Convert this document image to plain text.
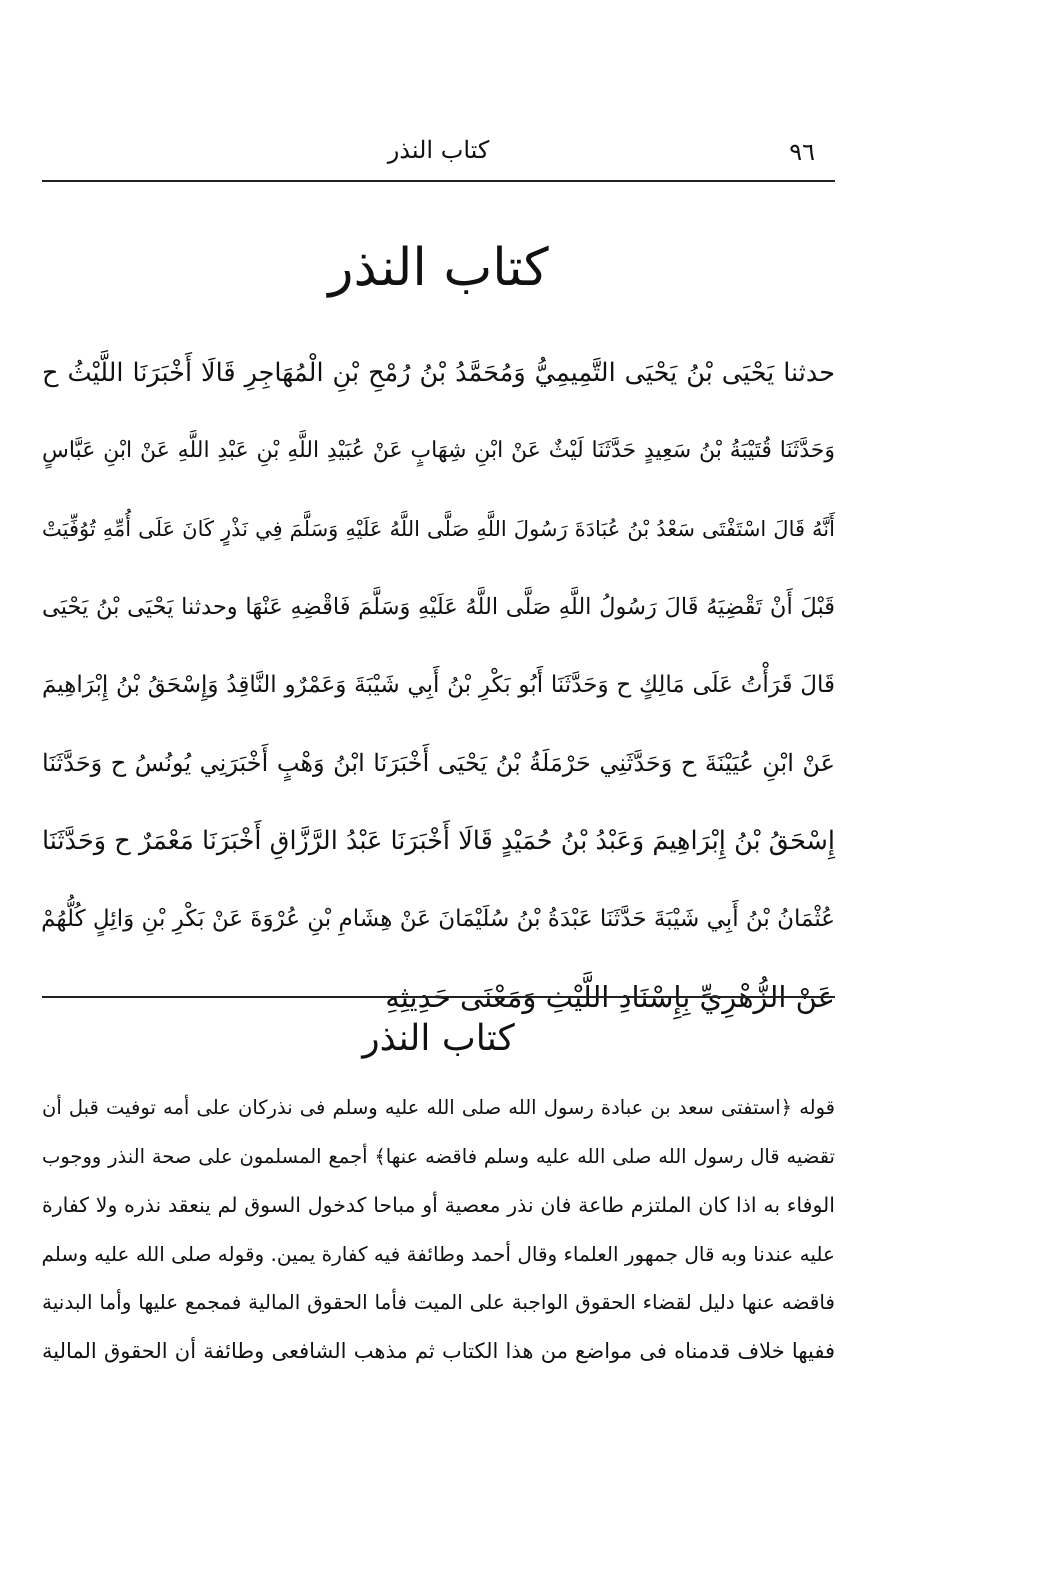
٩٦
كتاب النذر
كتاب النذر
حدثنا يَحْيَى بْنُ يَحْيَى التَّمِيمِيُّ وَمُحَمَّدُ بْنُ رُمْحِ بْنِ الْمُهَاجِرِ قَالَا أَخْبَرَنَا اللَّيْثُ ح
وَحَدَّثَنَا قُتَيْبَةُ بْنُ سَعِيدٍ حَدَّثَنَا لَيْثٌ عَنْ ابْنِ شِهَابٍ عَنْ عُبَيْدِ اللَّهِ بْنِ عَبْدِ اللَّهِ عَنْ ابْنِ عَبَّاسٍ
أَنَّهُ قَالَ اسْتَفْتَى سَعْدُ بْنُ عُبَادَةَ رَسُولَ اللَّهِ صَلَّى اللَّهُ عَلَيْهِ وَسَلَّمَ فِي نَذْرٍ كَانَ عَلَى أُمِّهِ تُوُفِّيَتْ
قَبْلَ أَنْ تَقْضِيَهُ قَالَ رَسُولُ اللَّهِ صَلَّى اللَّهُ عَلَيْهِ وَسَلَّمَ فَاقْضِهِ عَنْهَا وحدثنا يَحْيَى بْنُ يَحْيَى
قَالَ قَرَأْتُ عَلَى مَالِكٍ ح وَحَدَّثَنَا أَبُو بَكْرِ بْنُ أَبِي شَيْبَةَ وَعَمْرٌو النَّاقِدُ وَإِسْحَقُ بْنُ إِبْرَاهِيمَ
عَنْ ابْنِ عُيَيْنَةَ ح وَحَدَّثَنِي حَرْمَلَةُ بْنُ يَحْيَى أَخْبَرَنَا ابْنُ وَهْبٍ أَخْبَرَنِي يُونُسُ ح وَحَدَّثَنَا
إِسْحَقُ بْنُ إِبْرَاهِيمَ وَعَبْدُ بْنُ حُمَيْدٍ قَالَا أَخْبَرَنَا عَبْدُ الرَّزَّاقِ أَخْبَرَنَا مَعْمَرٌ ح وَحَدَّثَنَا
عُثْمَانُ بْنُ أَبِي شَيْبَةَ حَدَّثَنَا عَبْدَةُ بْنُ سُلَيْمَانَ عَنْ هِشَامِ بْنِ عُرْوَةَ عَنْ بَكْرِ بْنِ وَائِلٍ كُلُّهُمْ
عَنْ الزُّهْرِيِّ بِإِسْنَادِ اللَّيْثِ وَمَعْنَى حَدِيثِهِ
كتاب النذر
قوله ﴿استفتى سعد بن عبادة رسول الله صلى الله عليه وسلم فى نذركان على أمه توفيت قبل أن
تقضيه قال رسول الله صلى الله عليه وسلم فاقضه عنها﴾ أجمع المسلمون على صحة النذر ووجوب
الوفاء به اذا كان الملتزم طاعة فان نذر معصية أو مباحا كدخول السوق لم ينعقد نذره ولا كفارة
عليه عندنا وبه قال جمهور العلماء وقال أحمد وطائفة فيه كفارة يمين. وقوله صلى الله عليه وسلم
فاقضه عنها دليل لقضاء الحقوق الواجبة على الميت فأما الحقوق المالية فمجمع عليها وأما البدنية
ففيها خلاف قدمناه فى مواضع من هذا الكتاب ثم مذهب الشافعى وطائفة أن الحقوق المالية
